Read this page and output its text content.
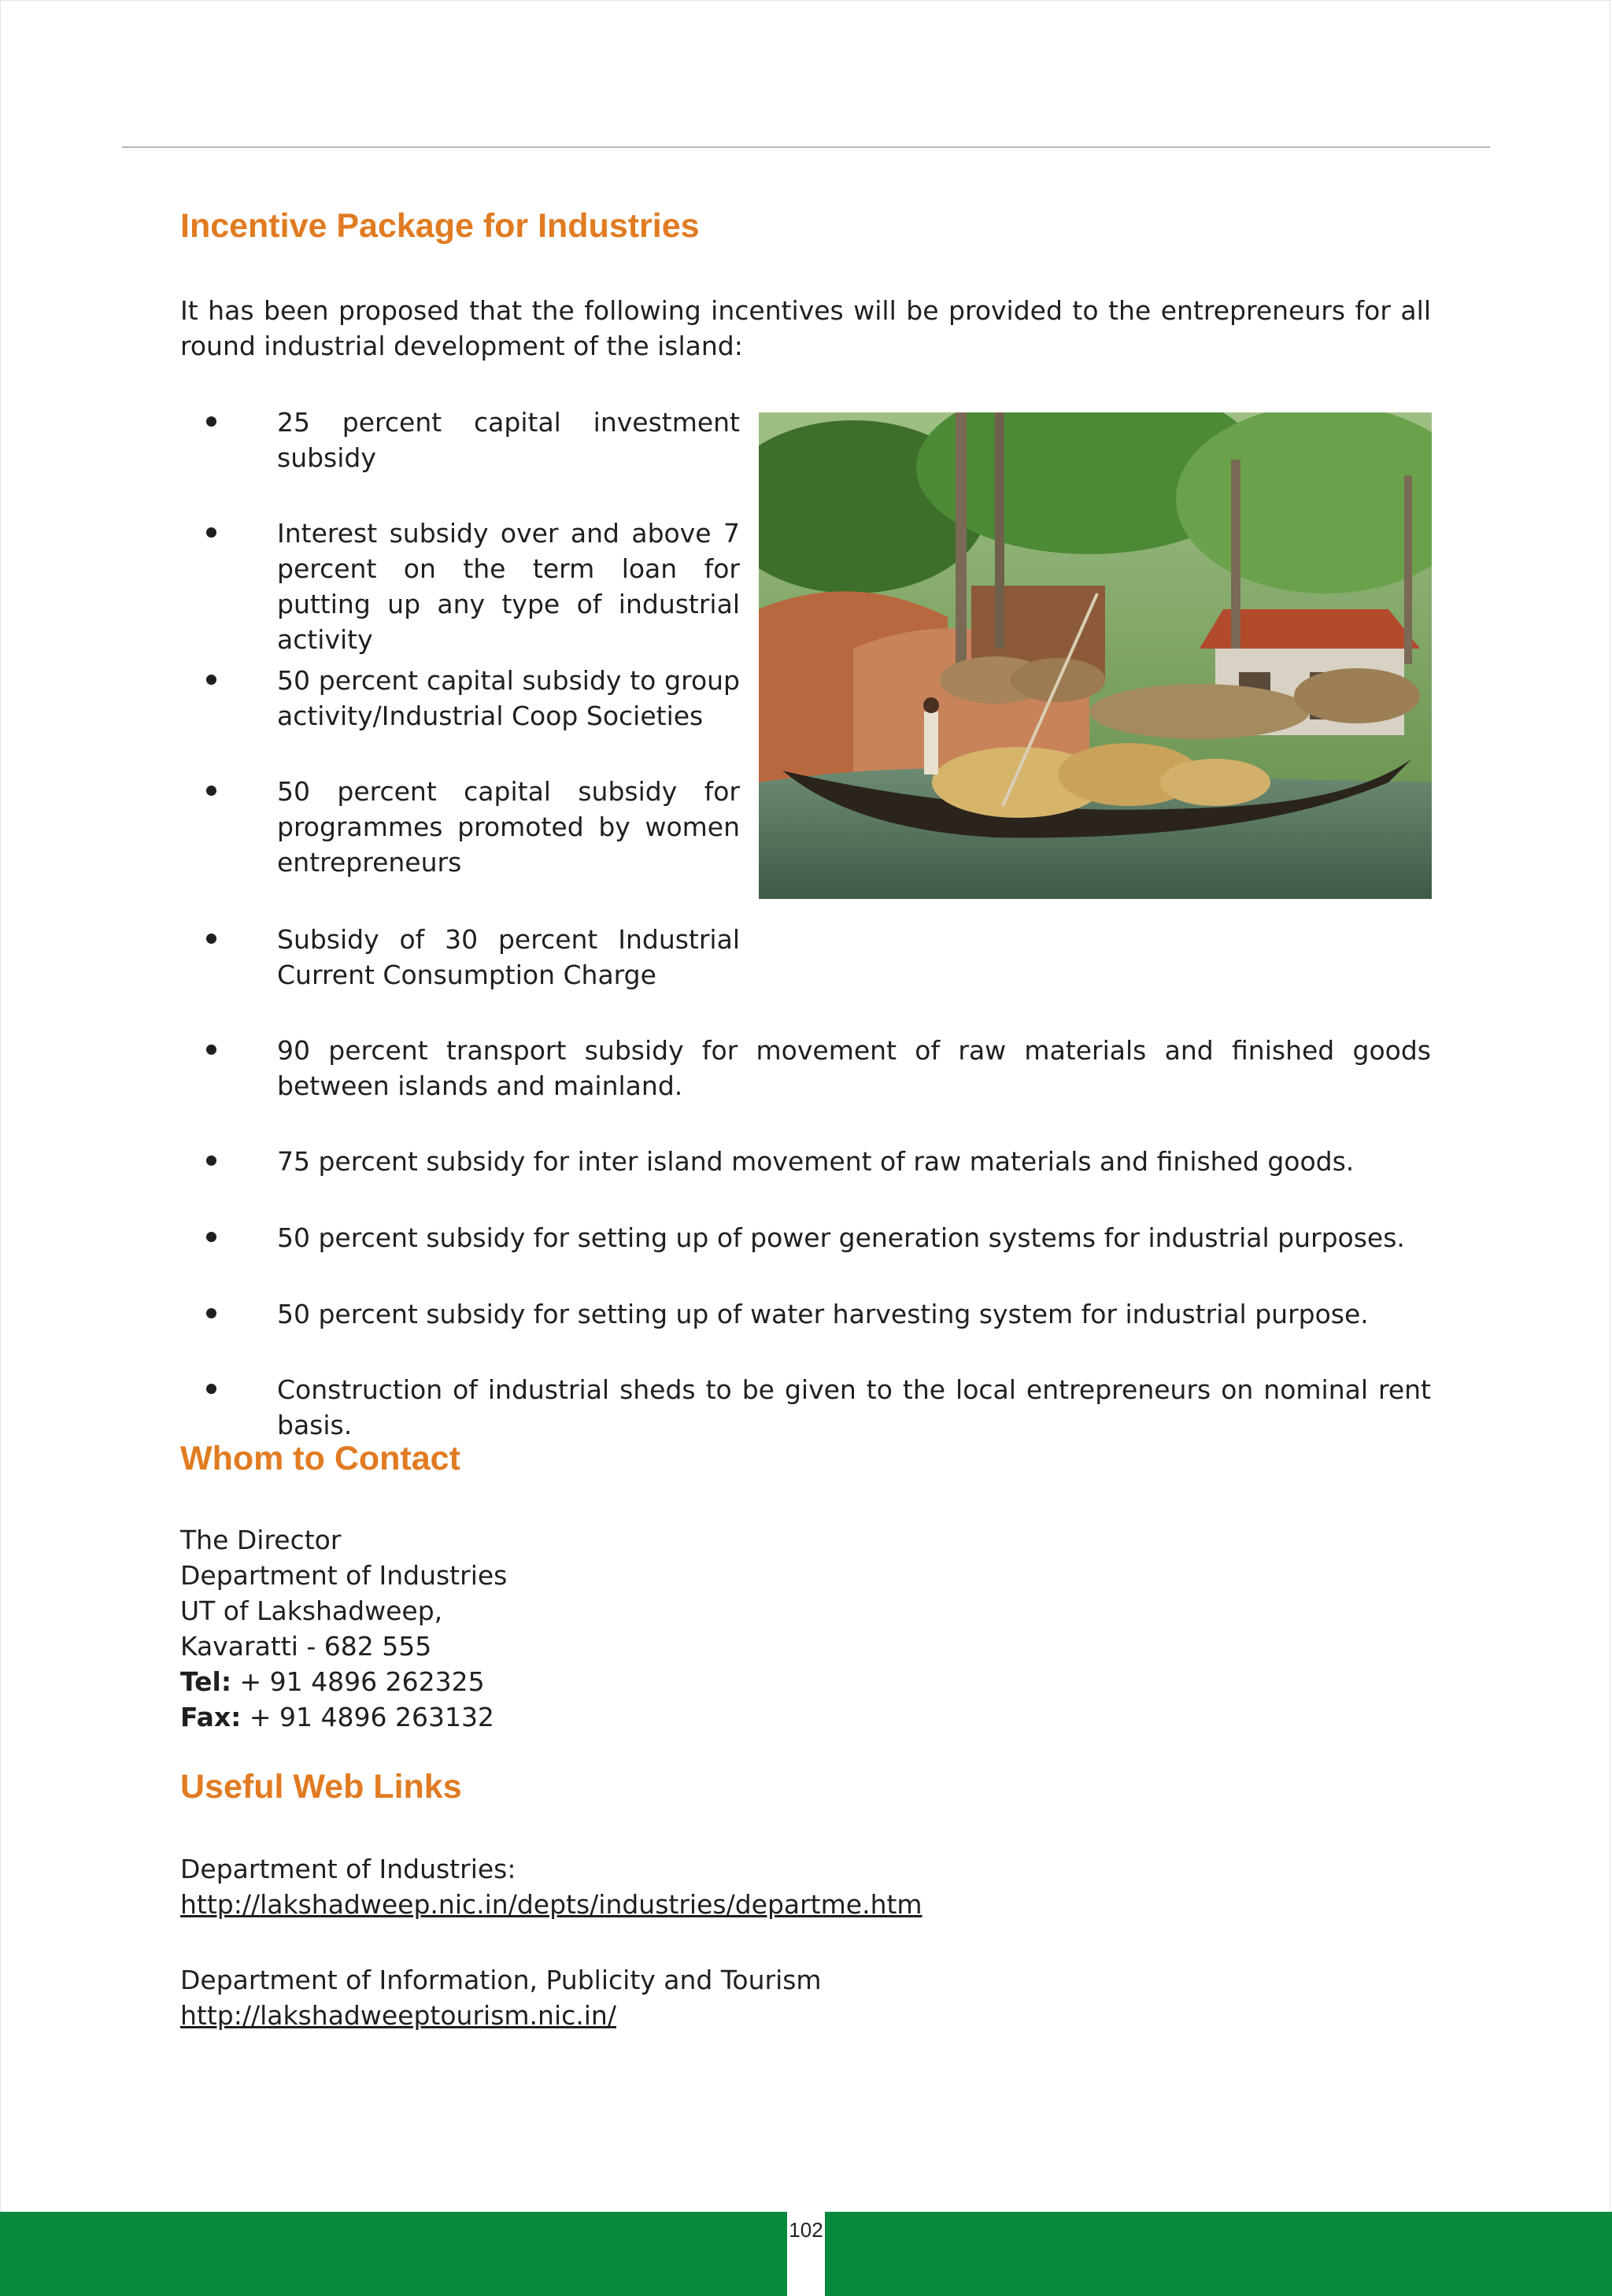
Incentive Package for Industries

It has been proposed that the following incentives will be provided to the entrepreneurs for all round industrial development of the island:

25 percent capital investment subsidy

Interest subsidy over and above 7 percent on the term loan for putting up any type of industrial activity

50 percent capital subsidy to group activity/Industrial Coop Societies

50 percent capital subsidy for programmes promoted by women entrepreneurs

Subsidy of 30 percent Industrial Current Consumption Charge

90 percent transport subsidy for movement of raw materials and finished goods between islands and mainland.

75 percent subsidy for inter island movement of raw materials and finished goods.

50 percent subsidy for setting up of power generation systems for industrial purposes.

50 percent subsidy for setting up of water harvesting system for industrial purpose.

Construction of industrial sheds to be given to the local entrepreneurs on nominal rent basis.

Whom to Contact
The Director
Department of Industries
UT of Lakshadweep,
Kavaratti - 682 555
Tel: + 91 4896 262325
Fax: + 91 4896 263132
Useful Web Links
Department of Industries:
http://lakshadweep.nic.in/depts/industries/departme.htm
Department of Information, Publicity and Tourism
http://lakshadweeptourism.nic.in/
102
